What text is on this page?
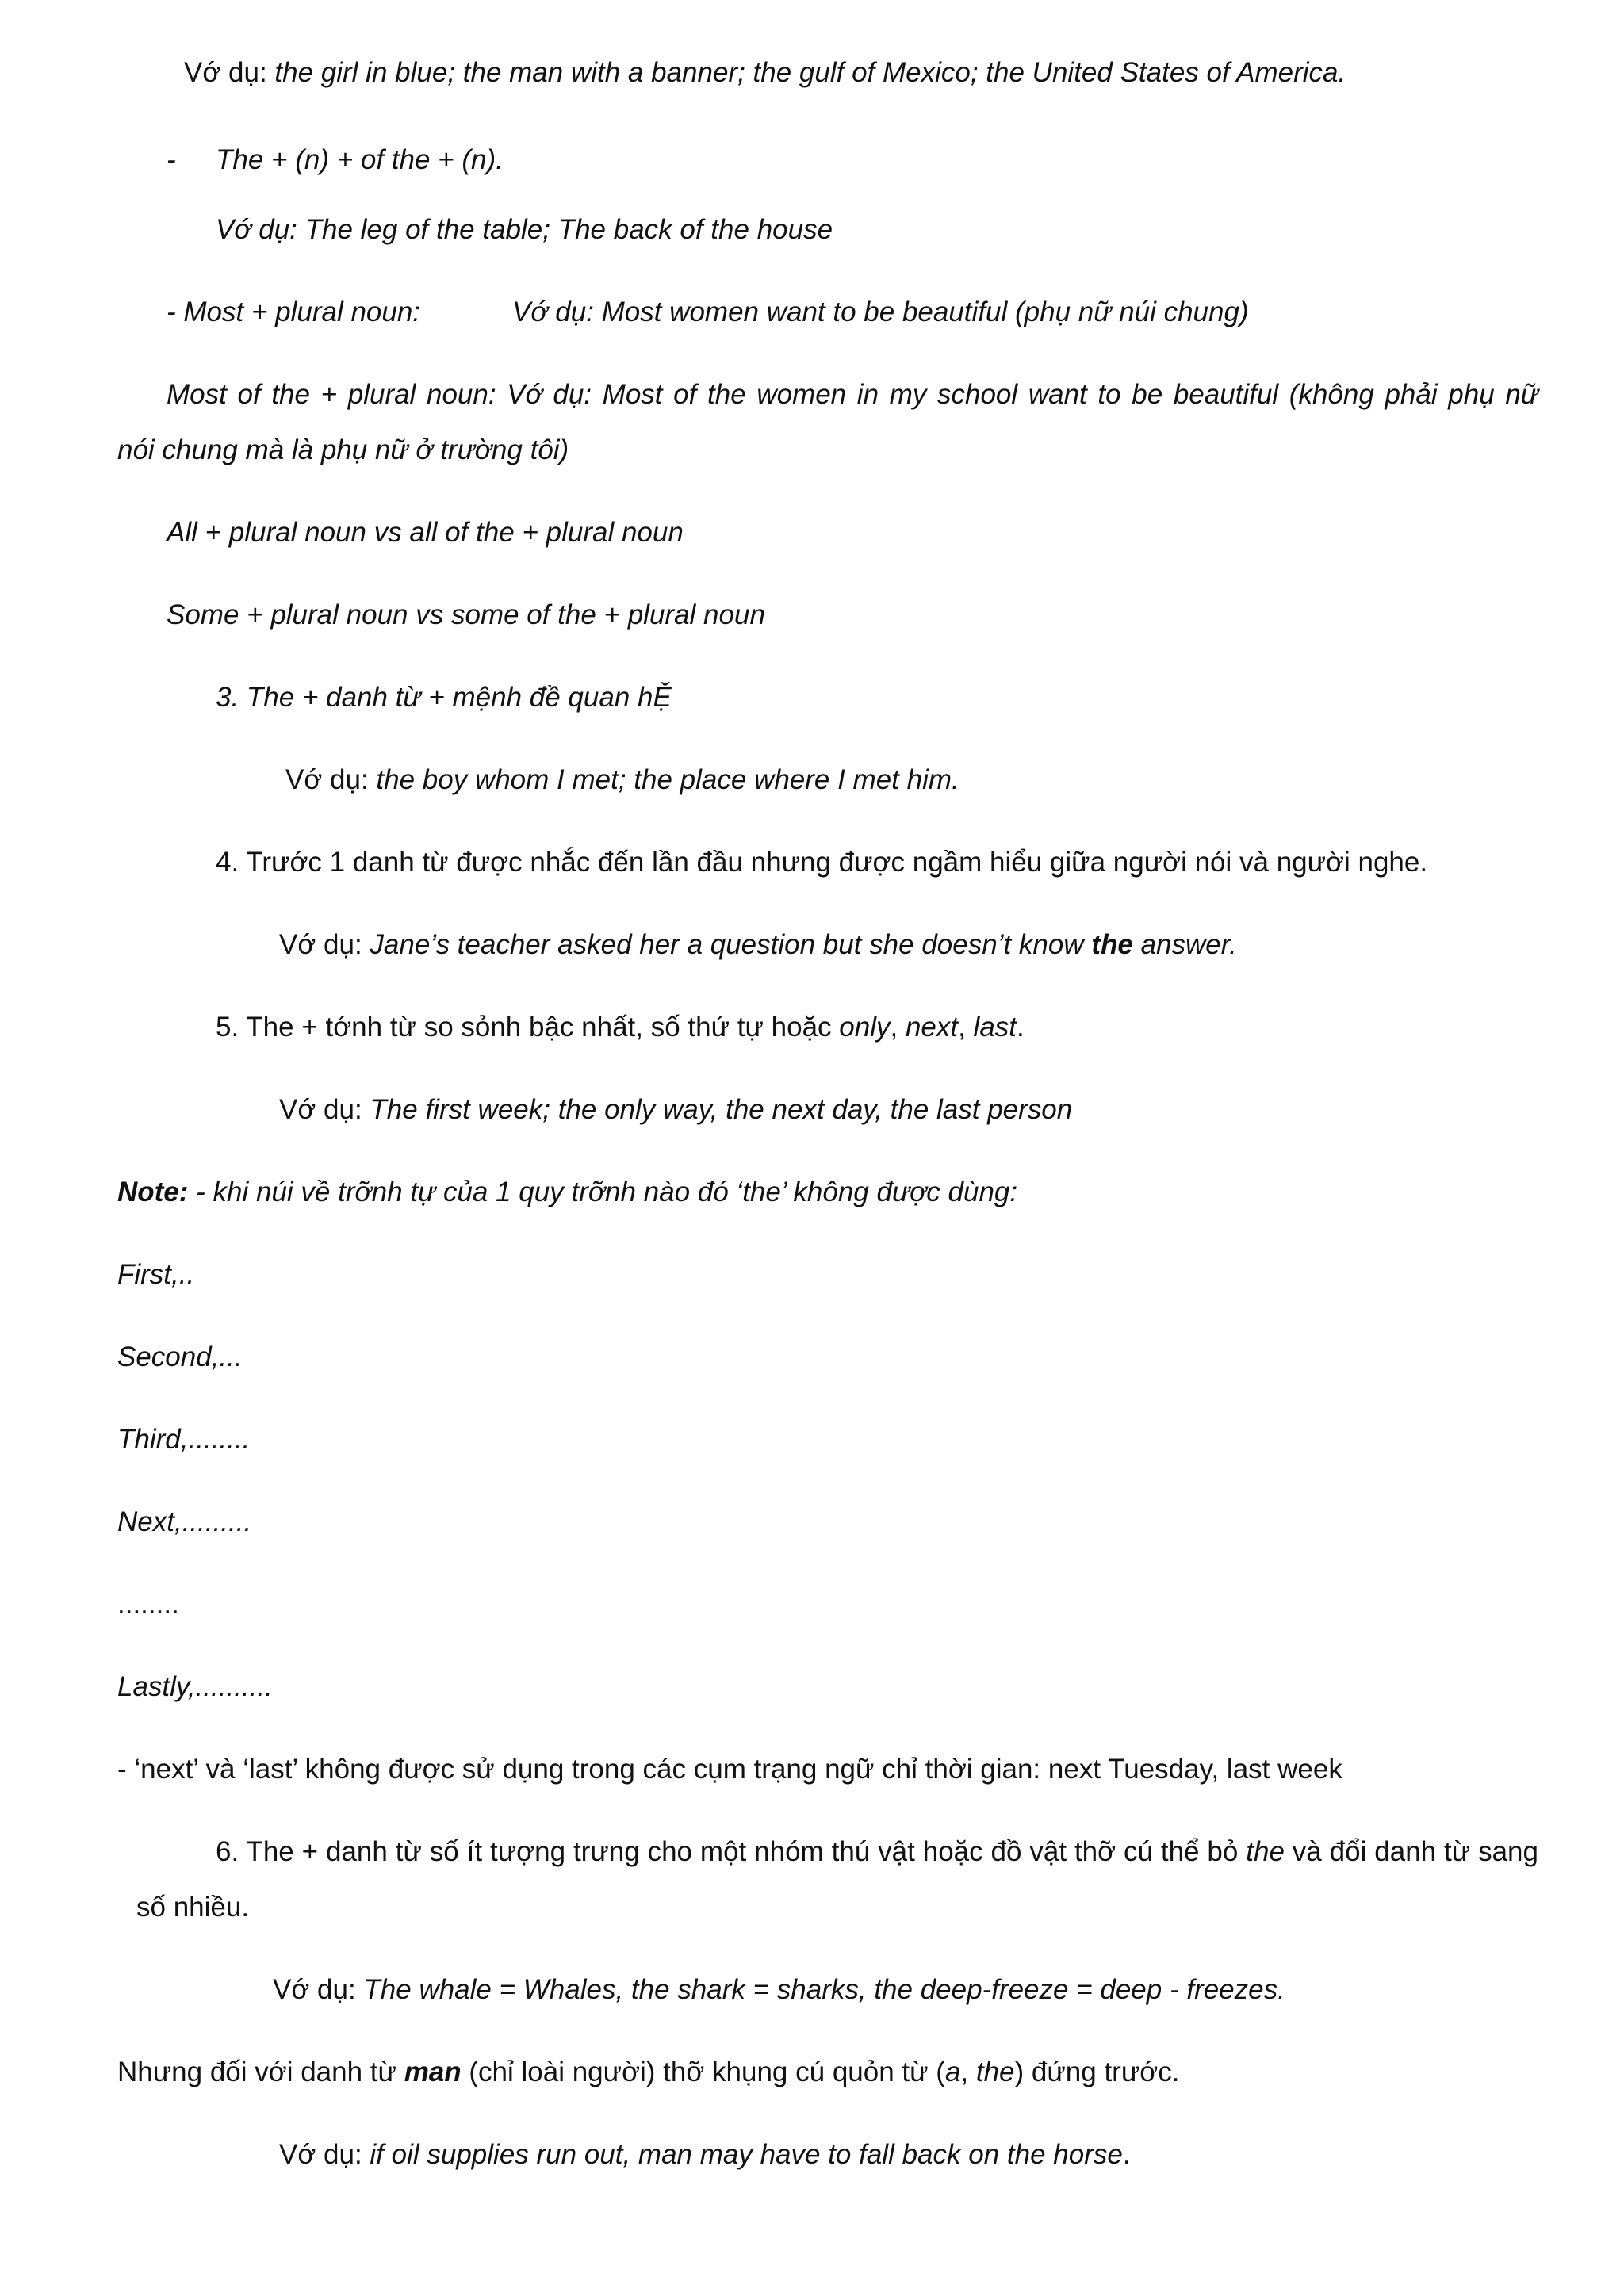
Vớ dụ: the girl in blue; the man with a banner; the gulf of Mexico; the United States of America.
- The + (n) + of the + (n).
Vớ dụ: The leg of the table; The back of the house
- Most + plural noun:	Vớ dụ: Most women want to be beautiful (phụ nữ núi chung)
Most of the + plural noun: Vớ dụ: Most of the women in my school want to be beautiful (không phải phụ nữ
nói chung mà là phụ nữ ở trường tôi)
All + plural noun vs all of the + plural noun
Some + plural noun vs some of the + plural noun
3. The + danh từ + mệnh đề quan hỆ
Vớ dụ: the boy whom I met; the place where I met him.
4. Trước 1 danh từ được nhắc đến lần đầu nhưng được ngầm hiểu giữa người nói và người nghe.
Vớ dụ: Jane’s teacher asked her a question but she doesn’t know the answer.
5. The + tớnh từ so sỏnh bậc nhất, số thứ tự hoặc only, next, last.
Vớ dụ: The first week; the only way, the next day, the last person
Note: - khi núi về trỡnh tự của 1 quy trỡnh nào đó ‘the’ không được dùng:
First,..
Second,...
Third,........
Next,.........
........
Lastly,..........
- ‘next’ và ‘last’ không được sử dụng trong các cụm trạng ngữ chỉ thời gian: next Tuesday, last week
6. The + danh từ số ít tượng trưng cho một nhóm thú vật hoặc đồ vật thỡ cú thể bỏ the và đổi danh từ sang
số nhiều.
Vớ dụ: The whale = Whales, the shark = sharks, the deep-freeze = deep - freezes.
Nhưng đối với danh từ man (chỉ loài người) thỡ khụng cú quỏn từ (a, the) đứng trước.
Vớ dụ: if oil supplies run out, man may have to fall back on the horse.
